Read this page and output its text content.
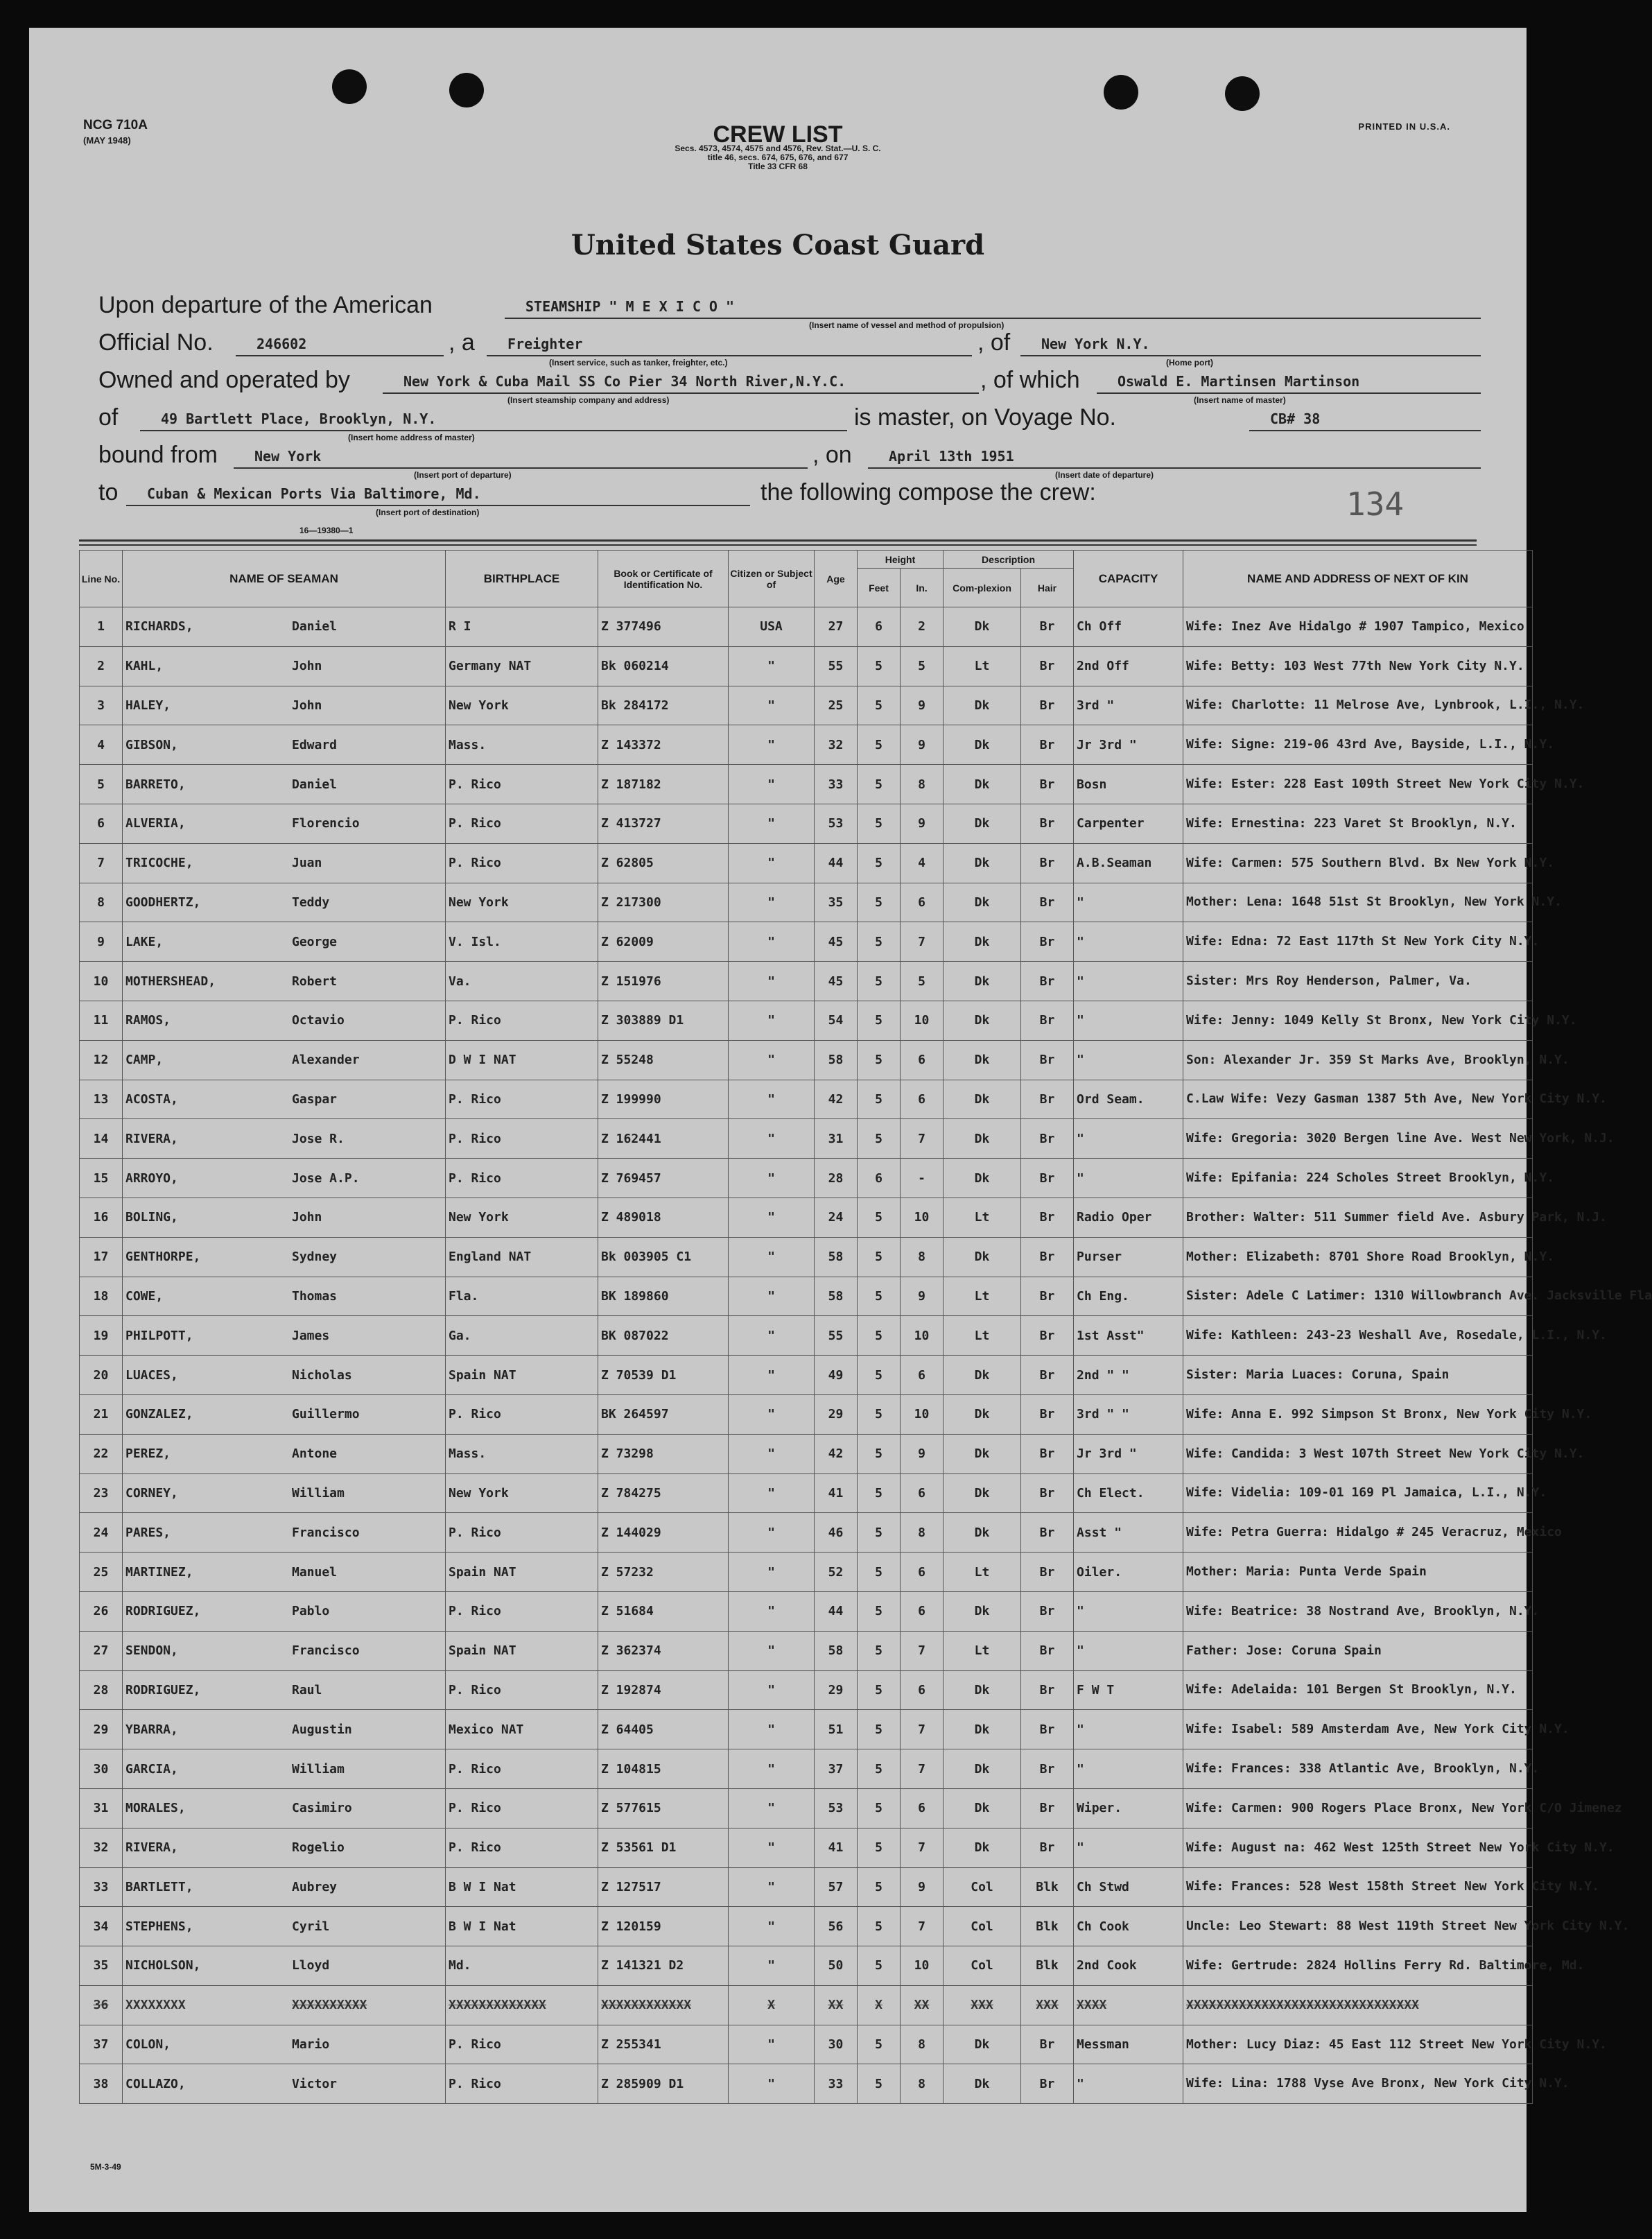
NCG 710A
(MAY 1948)
PRINTED IN U.S.A.
CREW LIST
Secs. 4573, 4574, 4575 and 4576, Rev. Stat.—U. S. C.
title 46, secs. 674, 675, 676, and 677
Title 33 CFR 68
United States Coast Guard
Upon departure of the American	STEAMSHIP " M E X I C O "
(Insert name of vessel and method of propulsion)
Official No.	246602	, a	Freighter	, of	New York N.Y.
(Insert service, such as tanker, freighter, etc.)	(Home port)
Owned and operated by	New York & Cuba Mail SS Co Pier 34 North River,N.Y.C.	, of which	Oswald E. Martinsen Martinson
(Insert steamship company and address)	(Insert name of master)
of	49 Bartlett Place, Brooklyn, N.Y.	is master, on Voyage No.	CB# 38
(Insert home address of master)
bound from	New York	, on	April 13th 1951
(Insert port of departure)	(Insert date of departure)
to	Cuban & Mexican Ports Via Baltimore, Md.	the following compose the crew:
(Insert port of destination)	134
16—19380—1
Line No.	NAME OF SEAMAN	BIRTHPLACE	Book or Certificate of Identification No.	Citizen or Subject of	Age	Height		Description		CAPACITY	NAME AND ADDRESS OF NEXT OF KIN
						Feet	In.	Com-plexion	Hair		
1	RICHARDS, Daniel	R I	Z 377496	USA	27	6	2	Dk	Br	Ch Off	Wife: Inez Ave Hidalgo # 1907 Tampico, Mexico
2	KAHL, John	Germany NAT	Bk 060214	"	55	5	5	Lt	Br	2nd Off	Wife: Betty: 103 West 77th New York City N.Y.
3	HALEY, John	New York	Bk 284172	"	25	5	9	Dk	Br	3rd "	Wife: Charlotte: 11 Melrose Ave, Lynbrook, L.I., N.Y.
4	GIBSON, Edward	Mass.	Z 143372	"	32	5	9	Dk	Br	Jr 3rd "	Wife: Signe: 219-06 43rd Ave, Bayside, L.I., N.Y.
5	BARRETO, Daniel	P. Rico	Z 187182	"	33	5	8	Dk	Br	Bosn	Wife: Ester: 228 East 109th Street New York City N.Y.
6	ALVERIA, Florencio	P. Rico	Z 413727	"	53	5	9	Dk	Br	Carpenter	Wife: Ernestina: 223 Varet St Brooklyn, N.Y.
7	TRICOCHE, Juan	P. Rico	Z 62805	"	44	5	4	Dk	Br	A.B.Seaman	Wife: Carmen: 575 Southern Blvd. Bx New York N.Y.
8	GOODHERTZ, Teddy	New York	Z 217300	"	35	5	6	Dk	Br	"	Mother: Lena: 1648 51st St Brooklyn, New York N.Y.
9	LAKE, George	V. Isl.	Z 62009	"	45	5	7	Dk	Br	"	Wife: Edna: 72 East 117th St New York City N.Y.
10	MOTHERSHEAD, Robert	Va.	Z 151976	"	45	5	5	Dk	Br	"	Sister: Mrs Roy Henderson, Palmer, Va.
11	RAMOS, Octavio	P. Rico	Z 303889 D1	"	54	5	10	Dk	Br	"	Wife: Jenny: 1049 Kelly St Bronx, New York City N.Y.
12	CAMP, Alexander	D W I NAT	Z 55248	"	58	5	6	Dk	Br	"	Son: Alexander Jr. 359 St Marks Ave, Brooklyn, N.Y.
13	ACOSTA, Gaspar	P. Rico	Z 199990	"	42	5	6	Dk	Br	Ord Seam.	C.Law Wife: Vezy Gasman 1387 5th Ave, New York City N.Y.
14	RIVERA, Jose R.	P. Rico	Z 162441	"	31	5	7	Dk	Br	"	Wife: Gregoria: 3020 Bergen line Ave. West New York, N.J.
15	ARROYO, Jose A.P.	P. Rico	Z 769457	"	28	6	-	Dk	Br	"	Wife: Epifania: 224 Scholes Street Brooklyn, N.Y.
16	BOLING, John	New York	Z 489018	"	24	5	10	Lt	Br	Radio Oper	Brother: Walter: 511 Summer field Ave. Asbury Park, N.J.
17	GENTHORPE, Sydney	England NAT	Bk 003905 C1	"	58	5	8	Dk	Br	Purser	Mother: Elizabeth: 8701 Shore Road Brooklyn, N.Y.
18	COWE, Thomas	Fla.	BK 189860	"	58	5	9	Lt	Br	Ch Eng.	Sister: Adele C Latimer: 1310 Willowbranch Ave. Jacksville Fla
19	PHILPOTT, James	Ga.	BK 087022	"	55	5	10	Lt	Br	1st Asst"	Wife: Kathleen: 243-23 Weshall Ave, Rosedale, L.I., N.Y.
20	LUACES, Nicholas	Spain NAT	Z 70539 D1	"	49	5	6	Dk	Br	2nd " "	Sister: Maria Luaces: Coruna, Spain
21	GONZALEZ, Guillermo	P. Rico	BK 264597	"	29	5	10	Dk	Br	3rd " "	Wife: Anna E. 992 Simpson St Bronx, New York City N.Y.
22	PEREZ, Antone	Mass.	Z 73298	"	42	5	9	Dk	Br	Jr 3rd "	Wife: Candida: 3 West 107th Street New York City N.Y.
23	CORNEY, William	New York	Z 784275	"	41	5	6	Dk	Br	Ch Elect.	Wife: Videlia: 109-01 169 Pl Jamaica, L.I., N.Y.
24	PARES, Francisco	P. Rico	Z 144029	"	46	5	8	Dk	Br	Asst "	Wife: Petra Guerra: Hidalgo # 245 Veracruz, Mexico
25	MARTINEZ, Manuel	Spain NAT	Z 57232	"	52	5	6	Lt	Br	Oiler.	Mother: Maria: Punta Verde Spain
26	RODRIGUEZ, Pablo	P. Rico	Z 51684	"	44	5	6	Dk	Br	"	Wife: Beatrice: 38 Nostrand Ave, Brooklyn, N.Y.
27	SENDON, Francisco	Spain NAT	Z 362374	"	58	5	7	Lt	Br	"	Father: Jose: Coruna Spain
28	RODRIGUEZ, Raul	P. Rico	Z 192874	"	29	5	6	Dk	Br	F W T	Wife: Adelaida: 101 Bergen St Brooklyn, N.Y.
29	YBARRA, Augustin	Mexico NAT	Z 64405	"	51	5	7	Dk	Br	"	Wife: Isabel: 589 Amsterdam Ave, New York City N.Y.
30	GARCIA, William	P. Rico	Z 104815	"	37	5	7	Dk	Br	"	Wife: Frances: 338 Atlantic Ave, Brooklyn, N.Y.
31	MORALES, Casimiro	P. Rico	Z 577615	"	53	5	6	Dk	Br	Wiper.	Wife: Carmen: 900 Rogers Place Bronx, New York C/O Jimenez
32	RIVERA, Rogelio	P. Rico	Z 53561 D1	"	41	5	7	Dk	Br	"	Wife: August na: 462 West 125th Street New York City N.Y.
33	BARTLETT, Aubrey	B W I Nat	Z 127517	"	57	5	9	Col	Blk	Ch Stwd	Wife: Frances: 528 West 158th Street New York City N.Y.
34	STEPHENS, Cyril	B W I Nat	Z 120159	"	56	5	7	Col	Blk	Ch Cook	Uncle: Leo Stewart: 88 West 119th Street New York City N.Y.
35	NICHOLSON, Lloyd	Md.	Z 141321 D2	"	50	5	10	Col	Blk	2nd Cook	Wife: Gertrude: 2824 Hollins Ferry Rd. Baltimore, Md.
36	XXXXXXXX XXXXXXXXXX	XXXXXXXXXXXXX	XXXXXXXXXXXX	X	XX	X	XX	XXX	XXX	XXXX	XXXXXXXXXXXXXXXXXXXXXXXXXXXXXXX
37	COLON, Mario	P. Rico	Z 255341	"	30	5	8	Dk	Br	Messman	Mother: Lucy Diaz: 45 East 112 Street New York City N.Y.
38	COLLAZO, Victor	P. Rico	Z 285909 D1	"	33	5	8	Dk	Br	"	Wife: Lina: 1788 Vyse Ave Bronx, New York City N.Y.
5M-3-49
